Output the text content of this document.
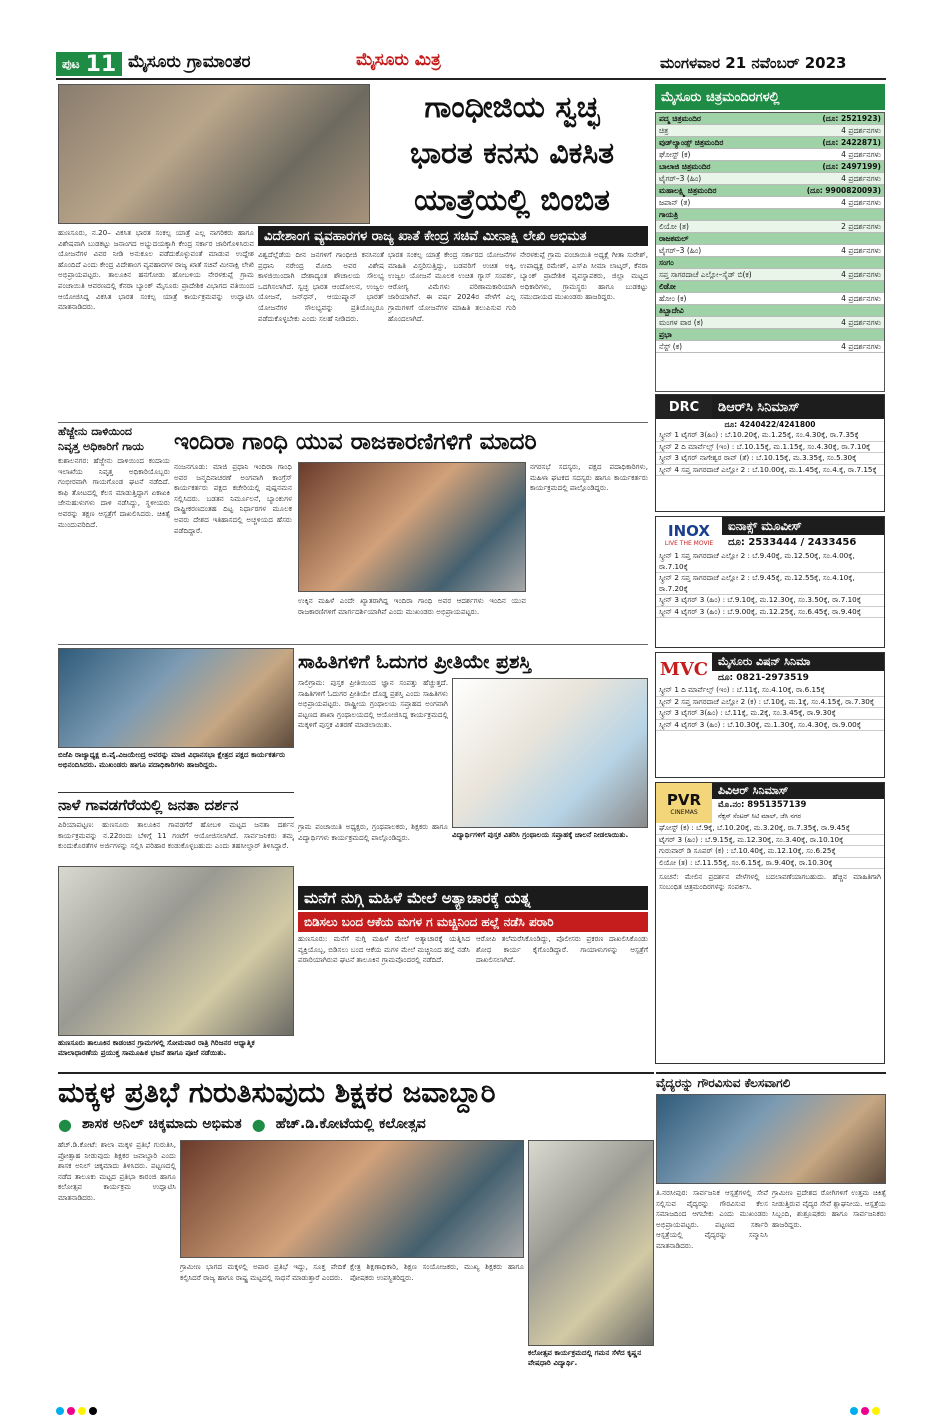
ಪುಟ 11 ಮೈಸೂರು ಗ್ರಾಮಾಂತರ	ಮೈಸೂರು ಮಿತ್ರ	ಮಂಗಳವಾರ 21 ನವೆಂಬರ್ 2023
ಗಾಂಧೀಜಿಯ ಸ್ವಚ್ಛ
ಭಾರತ ಕನಸು ವಿಕಸಿತ
ಯಾತ್ರೆಯಲ್ಲಿ ಬಿಂಬಿತ
ವಿದೇಶಾಂಗ ವ್ಯವಹಾರಗಳ ರಾಜ್ಯ ಖಾತೆ ಕೇಂದ್ರ ಸಚಿವೆ ಮೀನಾಕ್ಷಿ ಲೇಖಿ ಅಭಿಮತ

ಹುಣಸೂರು, ನ.20– ವಿಕಸಿತ ಭಾರತ ಸಂಕಲ್ಪ ಯಾತ್ರೆ ಎಲ್ಲ ನಾಗರಿಕರು ಹಾಗೂ ವಿಶೇಷವಾಗಿ ಬುಡಕಟ್ಟು ಜನಾಂಗದ ಅಭ್ಯುದಯಕ್ಕಾಗಿ ಕೇಂದ್ರ ಸರ್ಕಾರ ಜಾರಿಗೊಳಿಸಿರುವ ಯೋಜನೆಗಳ ವಿವರ ನೀಡಿ ಅನುಕೂಲ ಪಡೆದುಕೊಳ್ಳುವಂತೆ ಮಾಡುವ ಉದ್ದೇಶ ಹೊಂದಿದೆ ಎಂದು ಕೇಂದ್ರ ವಿದೇಶಾಂಗ ವ್ಯವಹಾರಗಳ ರಾಜ್ಯ ಖಾತೆ ಸಚಿವೆ ಮೀನಾಕ್ಷಿ ಲೇಖಿ ಅಭಿಪ್ರಾಯಪಟ್ಟರು. ತಾಲೂಕಿನ ಹನಗೋಡು ಹೋಬಳಿಯ ನೇರಳಕುಪ್ಪೆ ಗ್ರಾಮ ಪಂಚಾಯಿತಿ ಆವರಣದಲ್ಲಿ ಕೆನರಾ ಬ್ಯಾಂಕ್ ಮೈಸೂರು ಪ್ರಾದೇಶಿಕ ವಿಭಾಗದ ವತಿಯಿಂದ ಆಯೋಜಿಸಿದ್ದ ವಿಕಸಿತ ಭಾರತ ಸಂಕಲ್ಪ ಯಾತ್ರೆ ಕಾರ್ಯಕ್ರಮವನ್ನು ಉದ್ಘಾಟಿಸಿ ಮಾತನಾಡಿದರು.

ವಿಶ್ವದೆಲ್ಲೆಡೆಯ ದೀನ ಜನಗಳಿಗೆ ಗಾಂಧೀಜಿ ಕನಸಿನಂತೆ ಪ್ರಧಾನಿ ನರೇಂದ್ರ ಮೋದಿ ಅವರ ವಿಶೇಷ ಕಾಳಜಿಯಿಂದಾಗಿ ದೇಶಾದ್ಯಂತ ಶೌಚಾಲಯ ಸೌಲಭ್ಯ ಒದಗಿಸಲಾಗಿದೆ. ಸ್ವಚ್ಛ ಭಾರತ ಆಂದೋಲನ, ಉಜ್ವಲ ಯೋಜನೆ, ಜನ್‌ಧನ್, ಆಯುಷ್ಮಾನ್ ಭಾರತ್ ಯೋಜನೆಗಳ ಸೌಲಭ್ಯವನ್ನು ಪ್ರತಿಯೊಬ್ಬರೂ ಪಡೆದುಕೊಳ್ಳಬೇಕು ಎಂದು ಸಲಹೆ ನೀಡಿದರು.

ಭಾರತ ಸಂಕಲ್ಪ ಯಾತ್ರೆ ಕೇಂದ್ರ ಸರ್ಕಾರದ ಯೋಜನೆಗಳ ಮಾಹಿತಿ ವಿಸ್ತರಿಸುತ್ತಿದ್ದು, ಬಡವರಿಗೆ ಉಚಿತ ಅಕ್ಕಿ, ಉಜ್ವಲ ಯೋಜನೆ ಮೂಲಕ ಉಚಿತ ಗ್ಯಾಸ್ ಸಂಪರ್ಕ, ಆರೋಗ್ಯ ವಿಮೆಗಳು ಪರಿಣಾಮಕಾರಿಯಾಗಿ ಜಾರಿಯಾಗಿವೆ. ಈ ವರ್ಷ 2024ರ ವೇಳೆಗೆ ಎಲ್ಲ ಗ್ರಾಮಗಳಿಗೆ ಯೋಜನೆಗಳ ಮಾಹಿತಿ ತಲುಪಿಸುವ ಗುರಿ ಹೊಂದಲಾಗಿದೆ.

ನೇರಳಕುಪ್ಪೆ ಗ್ರಾಮ ಪಂಚಾಯಿತಿ ಅಧ್ಯಕ್ಷೆ ಗೀತಾ ಸುರೇಶ್, ಉಪಾಧ್ಯಕ್ಷ ರಮೇಶ್, ಎಸ್‌ಪಿ ಸೀಮಾ ಲಾಟ್ಕರ್, ಕೆನರಾ ಬ್ಯಾಂಕ್ ಪ್ರಾದೇಶಿಕ ವ್ಯವಸ್ಥಾಪಕರು, ಜಿಲ್ಲಾ ಮಟ್ಟದ ಅಧಿಕಾರಿಗಳು, ಗ್ರಾಮಸ್ಥರು ಹಾಗೂ ಬುಡಕಟ್ಟು ಸಮುದಾಯದ ಮುಖಂಡರು ಹಾಜರಿದ್ದರು.

ಹೆಜ್ಜೇನು ದಾಳಿಯಿಂದ
ನಿವೃತ್ತ ಅಧಿಕಾರಿಗೆ ಗಾಯ

ಕುಶಾಲನಗರ: ಹೆಜ್ಜೇನು ದಾಳಿಯಿಂದ ಕಂದಾಯ ಇಲಾಖೆಯ ನಿವೃತ್ತ ಅಧಿಕಾರಿಯೊಬ್ಬರು ಗಂಭೀರವಾಗಿ ಗಾಯಗೊಂಡ ಘಟನೆ ನಡೆದಿದೆ. ಕಾಫಿ ತೋಟದಲ್ಲಿ ಕೆಲಸ ಮಾಡುತ್ತಿದ್ದಾಗ ಏಕಾಏಕಿ ಜೇನುಹುಳುಗಳು ದಾಳಿ ನಡೆಸಿದ್ದು, ಸ್ಥಳೀಯರು ಅವರನ್ನು ತಕ್ಷಣ ಆಸ್ಪತ್ರೆಗೆ ದಾಖಲಿಸಿದರು. ಚಿಕಿತ್ಸೆ ಮುಂದುವರಿದಿದೆ.

ಇಂದಿರಾ ಗಾಂಧಿ ಯುವ ರಾಜಕಾರಣಿಗಳಿಗೆ ಮಾದರಿ

ನಂಜನಗೂಡು: ಮಾಜಿ ಪ್ರಧಾನಿ ಇಂದಿರಾ ಗಾಂಧಿ ಅವರ ಜನ್ಮದಿನಾಚರಣೆ ಅಂಗವಾಗಿ ಕಾಂಗ್ರೆಸ್ ಕಾರ್ಯಕರ್ತರು ಪಕ್ಷದ ಕಚೇರಿಯಲ್ಲಿ ಪುಷ್ಪನಮನ ಸಲ್ಲಿಸಿದರು. ಬಡತನ ನಿರ್ಮೂಲನೆ, ಬ್ಯಾಂಕುಗಳ ರಾಷ್ಟ್ರೀಕರಣದಂತಹ ದಿಟ್ಟ ನಿರ್ಧಾರಗಳ ಮೂಲಕ ಅವರು ದೇಶದ ಇತಿಹಾಸದಲ್ಲಿ ಅಚ್ಚಳಿಯದ ಹೆಸರು ಪಡೆದಿದ್ದಾರೆ.

ಉಕ್ಕಿನ ಮಹಿಳೆ ಎಂದೇ ಖ್ಯಾತರಾಗಿದ್ದ ಇಂದಿರಾ ಗಾಂಧಿ ಅವರ ಆದರ್ಶಗಳು ಇಂದಿನ ಯುವ ರಾಜಕಾರಣಿಗಳಿಗೆ ಮಾರ್ಗದರ್ಶಿಯಾಗಿವೆ ಎಂದು ಮುಖಂಡರು ಅಭಿಪ್ರಾಯಪಟ್ಟರು.

ನಗರಸಭೆ ಸದಸ್ಯರು, ಪಕ್ಷದ ಪದಾಧಿಕಾರಿಗಳು, ಮಹಿಳಾ ಘಟಕದ ಸದಸ್ಯರು ಹಾಗೂ ಕಾರ್ಯಕರ್ತರು ಕಾರ್ಯಕ್ರಮದಲ್ಲಿ ಪಾಲ್ಗೊಂಡಿದ್ದರು.

ಬಿಜೆಪಿ ರಾಜ್ಯಾಧ್ಯಕ್ಷ ಬಿ.ವೈ.ವಿಜಯೇಂದ್ರ ಅವರನ್ನು ಮಾಜಿ ವಿಧಾನಸಭಾ ಕ್ಷೇತ್ರದ ಪಕ್ಷದ ಕಾರ್ಯಕರ್ತರು ಅಭಿನಂದಿಸಿದರು. ಮುಖಂಡರು ಹಾಗೂ ಪದಾಧಿಕಾರಿಗಳು ಹಾಜರಿದ್ದರು.
ನಾಳೆ ಗಾವಡಗೆರೆಯಲ್ಲಿ ಜನತಾ ದರ್ಶನ

ಪಿರಿಯಾಪಟ್ಟಣ: ಹುಣಸೂರು ತಾಲೂಕಿನ ಗಾವಡಗೆರೆ ಹೋಬಳಿ ಮಟ್ಟದ ಜನತಾ ದರ್ಶನ ಕಾರ್ಯಕ್ರಮವನ್ನು ನ.22ರಂದು ಬೆಳಿಗ್ಗೆ 11 ಗಂಟೆಗೆ ಆಯೋಜಿಸಲಾಗಿದೆ. ಸಾರ್ವಜನಿಕರು ತಮ್ಮ ಕುಂದುಕೊರತೆಗಳ ಅರ್ಜಿಗಳನ್ನು ಸಲ್ಲಿಸಿ ಪರಿಹಾರ ಕಂಡುಕೊಳ್ಳಬಹುದು ಎಂದು ತಹಸೀಲ್ದಾರ್ ತಿಳಿಸಿದ್ದಾರೆ.

ಹುಣಸೂರು ತಾಲೂಕಿನ ಕಾಡಂಚಿನ ಗ್ರಾಮಗಳಲ್ಲಿ ಸೋಮವಾರ ರಾತ್ರಿ ಗಿರಿಜನರ ಆಧ್ಯಾತ್ಮಿಕ ಮಾಲಾಧಾರಣೆಯ ಪ್ರಯುಕ್ತ ಸಾಮೂಹಿಕ ಭಜನೆ ಹಾಗೂ ಪೂಜೆ ನಡೆಯಿತು.
ಸಾಹಿತಿಗಳಿಗೆ ಓದುಗರ ಪ್ರೀತಿಯೇ ಪ್ರಶಸ್ತಿ

ಸಾಲಿಗ್ರಾಮ: ಪುಸ್ತಕ ಪ್ರೀತಿಯಿಂದ ಜ್ಞಾನ ಸಂಪತ್ತು ಹೆಚ್ಚುತ್ತದೆ. ಸಾಹಿತಿಗಳಿಗೆ ಓದುಗರ ಪ್ರೀತಿಯೇ ದೊಡ್ಡ ಪ್ರಶಸ್ತಿ ಎಂದು ಸಾಹಿತಿಗಳು ಅಭಿಪ್ರಾಯಪಟ್ಟರು. ರಾಷ್ಟ್ರೀಯ ಗ್ರಂಥಾಲಯ ಸಪ್ತಾಹದ ಅಂಗವಾಗಿ ಪಟ್ಟಣದ ಶಾಖಾ ಗ್ರಂಥಾಲಯದಲ್ಲಿ ಆಯೋಜಿಸಿದ್ದ ಕಾರ್ಯಕ್ರಮದಲ್ಲಿ ಮಕ್ಕಳಿಗೆ ಪುಸ್ತಕ ವಿತರಣೆ ಮಾಡಲಾಯಿತು.

ವಿದ್ಯಾರ್ಥಿಗಳಿಗೆ ಪುಸ್ತಕ ವಿತರಿಸಿ ಗ್ರಂಥಾಲಯ ಸಪ್ತಾಹಕ್ಕೆ ಚಾಲನೆ ನೀಡಲಾಯಿತು.

ಗ್ರಾಮ ಪಂಚಾಯಿತಿ ಅಧ್ಯಕ್ಷರು, ಗ್ರಂಥಪಾಲಕರು, ಶಿಕ್ಷಕರು ಹಾಗೂ ವಿದ್ಯಾರ್ಥಿಗಳು ಕಾರ್ಯಕ್ರಮದಲ್ಲಿ ಪಾಲ್ಗೊಂಡಿದ್ದರು.

ಮನೆಗೆ ನುಗ್ಗಿ ಮಹಿಳೆ ಮೇಲೆ ಅತ್ಯಾಚಾರಕ್ಕೆ ಯತ್ನ
ಬಿಡಿಸಲು ಬಂದ ಆಕೆಯ ಮಗಳ ಗ ಮಚ್ಚಿನಿಂದ ಹಲ್ಲೆ ನಡೆಸಿ ಪರಾರಿ

ಹುಣಸೂರು: ಮನೆಗೆ ನುಗ್ಗಿ ಮಹಿಳೆ ಮೇಲೆ ಅತ್ಯಾಚಾರಕ್ಕೆ ಯತ್ನಿಸಿದ ವ್ಯಕ್ತಿಯೊಬ್ಬ, ಬಿಡಿಸಲು ಬಂದ ಆಕೆಯ ಮಗಳ ಮೇಲೆ ಮಚ್ಚಿನಿಂದ ಹಲ್ಲೆ ನಡೆಸಿ ಪರಾರಿಯಾಗಿರುವ ಘಟನೆ ತಾಲೂಕಿನ ಗ್ರಾಮವೊಂದರಲ್ಲಿ ನಡೆದಿದೆ.

ಆರೋಪಿ ತಲೆಮರೆಸಿಕೊಂಡಿದ್ದು, ಪೊಲೀಸರು ಪ್ರಕರಣ ದಾಖಲಿಸಿಕೊಂಡು ಶೋಧ ಕಾರ್ಯ ಕೈಗೊಂಡಿದ್ದಾರೆ. ಗಾಯಾಳುಗಳನ್ನು ಆಸ್ಪತ್ರೆಗೆ ದಾಖಲಿಸಲಾಗಿದೆ.

ಮಕ್ಕಳ ಪ್ರತಿಭೆ ಗುರುತಿಸುವುದು ಶಿಕ್ಷಕರ ಜವಾಬ್ದಾರಿ
● ಶಾಸಕ ಅನಿಲ್ ಚಿಕ್ಕಮಾದು ಅಭಿಮತ ● ಹೆಚ್.ಡಿ.ಕೋಟೆಯಲ್ಲಿ ಕಲೋತ್ಸವ

ಹೆಚ್.ಡಿ.ಕೋಟೆ: ಶಾಲಾ ಮಕ್ಕಳ ಪ್ರತಿಭೆ ಗುರುತಿಸಿ, ಪ್ರೋತ್ಸಾಹ ನೀಡುವುದು ಶಿಕ್ಷಕರ ಜವಾಬ್ದಾರಿ ಎಂದು ಶಾಸಕ ಅನಿಲ್ ಚಿಕ್ಕಮಾದು ತಿಳಿಸಿದರು. ಪಟ್ಟಣದಲ್ಲಿ ನಡೆದ ತಾಲೂಕು ಮಟ್ಟದ ಪ್ರತಿಭಾ ಕಾರಂಜಿ ಹಾಗೂ ಕಲೋತ್ಸವ ಕಾರ್ಯಕ್ರಮ ಉದ್ಘಾಟಿಸಿ ಮಾತನಾಡಿದರು.

ಗ್ರಾಮೀಣ ಭಾಗದ ಮಕ್ಕಳಲ್ಲಿ ಅಪಾರ ಪ್ರತಿಭೆ ಇದ್ದು, ಸೂಕ್ತ ವೇದಿಕೆ ಕಲ್ಪಿಸಿದರೆ ರಾಜ್ಯ ಹಾಗೂ ರಾಷ್ಟ್ರ ಮಟ್ಟದಲ್ಲಿ ಸಾಧನೆ ಮಾಡುತ್ತಾರೆ ಎಂದರು.

ಕ್ಷೇತ್ರ ಶಿಕ್ಷಣಾಧಿಕಾರಿ, ಶಿಕ್ಷಣ ಸಂಯೋಜಕರು, ಮುಖ್ಯ ಶಿಕ್ಷಕರು ಹಾಗೂ ಪೋಷಕರು ಉಪಸ್ಥಿತರಿದ್ದರು.

ಕಲೋತ್ಸವ ಕಾರ್ಯಕ್ರಮದಲ್ಲಿ ಗಮನ ಸೆಳೆದ ಕೃಷ್ಣನ ವೇಷಧಾರಿ ವಿದ್ಯಾರ್ಥಿ.
ವೈದ್ಯರನ್ನು ಗೌರವಿಸುವ ಕೆಲಸವಾಗಲಿ

ತಿ.ನರಸೀಪುರ: ಸಾರ್ವಜನಿಕ ಆಸ್ಪತ್ರೆಗಳಲ್ಲಿ ಸೇವೆ ಸಲ್ಲಿಸುವ ವೈದ್ಯರನ್ನು ಗೌರವಿಸುವ ಕೆಲಸ ಸಮಾಜದಿಂದ ಆಗಬೇಕು ಎಂದು ಮುಖಂಡರು ಅಭಿಪ್ರಾಯಪಟ್ಟರು. ಪಟ್ಟಣದ ಸರ್ಕಾರಿ ಆಸ್ಪತ್ರೆಯಲ್ಲಿ ವೈದ್ಯರನ್ನು ಸನ್ಮಾನಿಸಿ ಮಾತನಾಡಿದರು.

ಗ್ರಾಮೀಣ ಪ್ರದೇಶದ ರೋಗಿಗಳಿಗೆ ಉತ್ತಮ ಚಿಕಿತ್ಸೆ ನೀಡುತ್ತಿರುವ ವೈದ್ಯರ ಸೇವೆ ಶ್ಲಾಘನೀಯ. ಆಸ್ಪತ್ರೆಯ ಸಿಬ್ಬಂದಿ, ಶುಶ್ರೂಷಕರು ಹಾಗೂ ಸಾರ್ವಜನಿಕರು ಹಾಜರಿದ್ದರು.

ಮೈಸೂರು ಚಿತ್ರಮಂದಿರಗಳಲ್ಲಿ
ಪದ್ಮ ಚಿತ್ರಮಂದಿರ	(ದೂ: 2521923)
ಚಿತ್ರ	4 ಪ್ರದರ್ಶನಗಳು
ವುಡ್‌ಲ್ಯಾಂಡ್ಸ್ ಚಿತ್ರಮಂದಿರ	(ದೂ: 2422871)
ಘೋಸ್ಟ್ (ಕ)	4 ಪ್ರದರ್ಶನಗಳು
ಬಾಲಾಜಿ ಚಿತ್ರಮಂದಿರ	(ದೂ: 2497199)
ಟೈಗರ್–3 (ಹಿಂ)	4 ಪ್ರದರ್ಶನಗಳು
ಮಹಾಲಕ್ಷ್ಮಿ ಚಿತ್ರಮಂದಿರ	(ದೂ: 9900820093)
ಜಪಾನ್ (ತ)	4 ಪ್ರದರ್ಶನಗಳು
ಗಾಯತ್ರಿ
ಲಿಯೋ (ತ)	2 ಪ್ರದರ್ಶನಗಳು
ರಾಜಕಮಲ್
ಟೈಗರ್–3 (ಹಿಂ)	4 ಪ್ರದರ್ಶನಗಳು
ಸಂಗಂ
ಸಪ್ತ ಸಾಗರದಾಚೆ ಎಲ್ಲೋ–ಸೈಡ್ ಬಿ(ಕ)	4 ಪ್ರದರ್ಶನಗಳು
ಲಿಡೋ
ಹೋಂ (ಕ)	4 ಪ್ರದರ್ಶನಗಳು
ತಿಬ್ಬಾದೇವಿ
ಮಂಗಳ ವಾರ (ಕ)	4 ಪ್ರದರ್ಶನಗಳು
ಪ್ರಭಾ
ನೆಸ್ಟ್ (ಕ)	4 ಪ್ರದರ್ಶನಗಳು
DRC	ಡಿಆರ್‌ಸಿ ಸಿನಿಮಾಸ್
ದೂ: 4240422/4241800
ಸ್ಕ್ರೀನ್ 1 ಟೈಗರ್ 3(ಹಿಂ) : ಬೆ.10.20ಕ್ಕೆ, ಮ.1.25ಕ್ಕೆ, ಸಂ.4.30ಕ್ಕೆ, ರಾ.7.35ಕ್ಕೆ
ಸ್ಕ್ರೀನ್ 2 ದಿ ಮಾರ್ವೆಲ್ಸ್ (ಇಂ) : ಬೆ.10.15ಕ್ಕೆ, ಮ.1.15ಕ್ಕೆ, ಸಂ.4.30ಕ್ಕೆ, ರಾ.7.10ಕ್ಕೆ
ಸ್ಕ್ರೀನ್ 3 ಟೈಗರ್ ನಾಗೇಶ್ವರ ರಾವ್ (ತೆ) : ಬೆ.10.15ಕ್ಕೆ, ಮ.3.35ಕ್ಕೆ, ಸಂ.5.30ಕ್ಕೆ
ಸ್ಕ್ರೀನ್ 4 ಸಪ್ತ ಸಾಗರದಾಚೆ ಎಲ್ಲೋ 2 : ಬೆ.10.00ಕ್ಕೆ, ಮ.1.45ಕ್ಕೆ, ಸಂ.4.ಕ್ಕೆ, ರಾ.7.15ಕ್ಕೆ
INOX
LIVE THE MOVIE
ಐನಾಕ್ಸ್ ಮೂವೀಸ್
ದೂ: 2533444 / 2433456
ಸ್ಕ್ರೀನ್ 1 ಸಪ್ತ ಸಾಗರದಾಚೆ ಎಲ್ಲೋ 2 : ಬೆ.9.40ಕ್ಕೆ, ಮ.12.50ಕ್ಕೆ, ಸಂ.4.00ಕ್ಕೆ, ರಾ.7.10ಕ್ಕೆ
ಸ್ಕ್ರೀನ್ 2 ಸಪ್ತ ಸಾಗರದಾಚೆ ಎಲ್ಲೋ 2 : ಬೆ.9.45ಕ್ಕೆ, ಮ.12.55ಕ್ಕೆ, ಸಂ.4.10ಕ್ಕೆ, ರಾ.7.20ಕ್ಕೆ
ಸ್ಕ್ರೀನ್ 3 ಟೈಗರ್ 3 (ಹಿಂ) : ಬೆ.9.10ಕ್ಕೆ, ಮ.12.30ಕ್ಕೆ, ಸಂ.3.50ಕ್ಕೆ, ರಾ.7.10ಕ್ಕೆ
ಸ್ಕ್ರೀನ್ 4 ಟೈಗರ್ 3 (ಹಿಂ) : ಬೆ.9.00ಕ್ಕೆ, ಮ.12.25ಕ್ಕೆ, ಸಂ.6.45ಕ್ಕೆ, ರಾ.9.40ಕ್ಕೆ
MVC ಮೈಸೂರು ವಿಷನ್ ಸಿನಿಮಾ
ದೂ: 0821-2973519
ಸ್ಕ್ರೀನ್ 1 ದಿ ಮಾರ್ವೆಲ್ಸ್ (ಇಂ) : ಬೆ.11ಕ್ಕೆ, ಸಂ.4.10ಕ್ಕೆ, ರಾ.6.15ಕ್ಕೆ
ಸ್ಕ್ರೀನ್ 2 ಸಪ್ತ ಸಾಗರದಾಚೆ ಎಲ್ಲೋ 2 (ಕ) : ಬೆ.10ಕ್ಕೆ, ಮ.1ಕ್ಕೆ, ಸಂ.4.15ಕ್ಕೆ, ರಾ.7.30ಕ್ಕೆ
ಸ್ಕ್ರೀನ್ 3 ಟೈಗರ್ 3(ಹಿಂ) : ಬೆ.11ಕ್ಕೆ, ಮ.2ಕ್ಕೆ, ಸಂ.3.45ಕ್ಕೆ, ರಾ.9.30ಕ್ಕೆ
ಸ್ಕ್ರೀನ್ 4 ಟೈಗರ್ 3 (ಹಿಂ) : ಬೆ.10.30ಕ್ಕೆ, ಮ.1.30ಕ್ಕೆ, ಸಂ.4.30ಕ್ಕೆ, ರಾ.9.00ಕ್ಕೆ
PVR
CINEMAS
ಪಿವಿಆರ್ ಸಿನಿಮಾಸ್
ಮೊ.ನಂ: 8951357139
ನೆಕ್ಸಸ್ ಸೆಂಟರ್ ಸಿಟಿ ಮಾಲ್, ಜೆಸಿ ನಗರ
ಘೋಸ್ಟ್ (ಕ) : ಬೆ.9ಕ್ಕೆ, ಬೆ.10.20ಕ್ಕೆ, ಮ.3.20ಕ್ಕೆ, ರಾ.7.35ಕ್ಕೆ, ರಾ.9.45ಕ್ಕೆ
ಟೈಗರ್ 3 (ಹಿಂ) : ಬೆ.9.15ಕ್ಕೆ, ಮ.12.30ಕ್ಕೆ, ಸಂ.3.40ಕ್ಕೆ, ರಾ.10.10ಕ್ಕೆ
ಗುರುವಾರ್ ಡಿ ಸೂಪರ್ (ಕ) : ಬೆ.10.40ಕ್ಕೆ, ಮ.12.10ಕ್ಕೆ, ಸಂ.6.25ಕ್ಕೆ
ಲಿಯೋ (ತ) : ಬೆ.11.55ಕ್ಕೆ, ಸಂ.6.15ಕ್ಕೆ, ರಾ.9.40ಕ್ಕೆ, ರಾ.10.30ಕ್ಕೆ
ಸೂಚನೆ: ಮೇಲಿನ ಪ್ರದರ್ಶನ ವೇಳೆಗಳಲ್ಲಿ ಬದಲಾವಣೆಯಾಗಬಹುದು. ಹೆಚ್ಚಿನ ಮಾಹಿತಿಗಾಗಿ ಸಂಬಂಧಿತ ಚಿತ್ರಮಂದಿರಗಳನ್ನು ಸಂಪರ್ಕಿಸಿ.
